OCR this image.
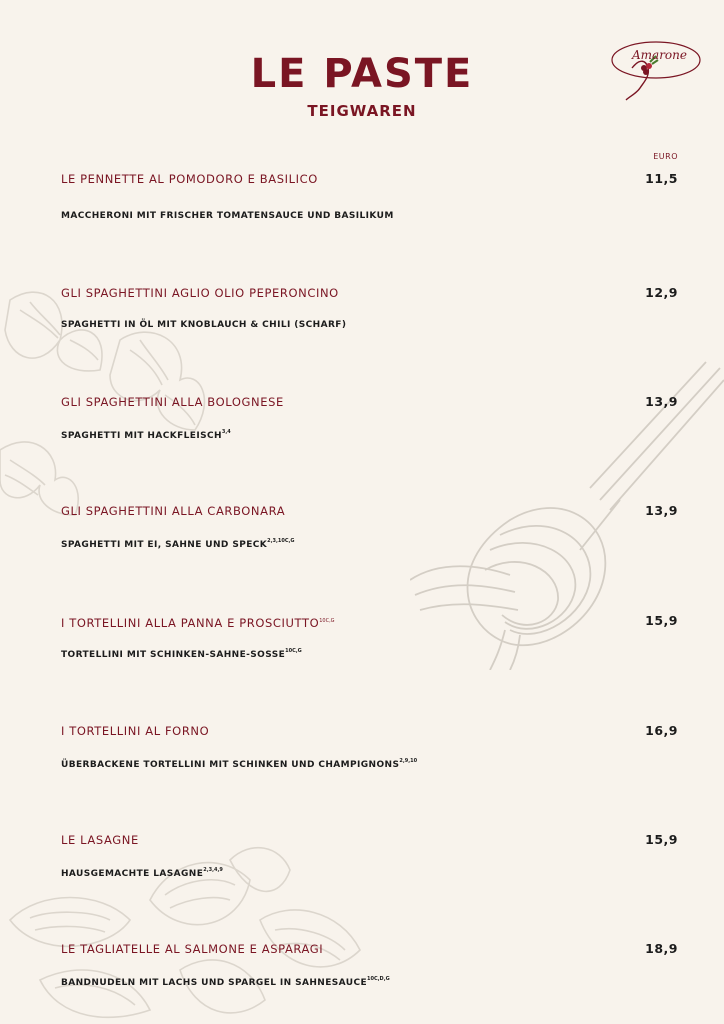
Amarone
LE PASTE
TEIGWAREN
EURO
LE PENNETTE AL POMODORO E BASILICO	11,5
MACCHERONI MIT FRISCHER TOMATENSAUCE UND BASILIKUM
GLI SPAGHETTINI AGLIO OLIO PEPERONCINO	12,9
SPAGHETTI IN ÖL MIT KNOBLAUCH & CHILI (SCHARF)
GLI SPAGHETTINI ALLA BOLOGNESE	13,9
SPAGHETTI MIT HACKFLEISCH$^{3,4}$
GLI SPAGHETTINI ALLA CARBONARA	13,9
SPAGHETTI MIT EI, SAHNE UND $SPECK^{2,3,10C,G}$
I TORTELLINI ALLA PANNA E $PROSCIUTTO^{10C,G}$	15,9
TORTELLINI MIT SCHINKEN-$SAHNE-SOSSE^{10C,G}$
I TORTELLINI AL FORNO	16,9
ÜBERBACKENE TORTELLINI MIT SCHINKEN UND CHAMPIGNONS$^{2,9,10}$
LE LASAGNE	15,9
HAUSGEMACHTE LASAGNE$^{2,3,4,9}$
LE TAGLIATELLE AL SALMONE E ASPARAGI	18,9
BANDNUDELN MIT LACHS UND SPARGEL IN $SAHNESAUCE^{10C,D,G}$
